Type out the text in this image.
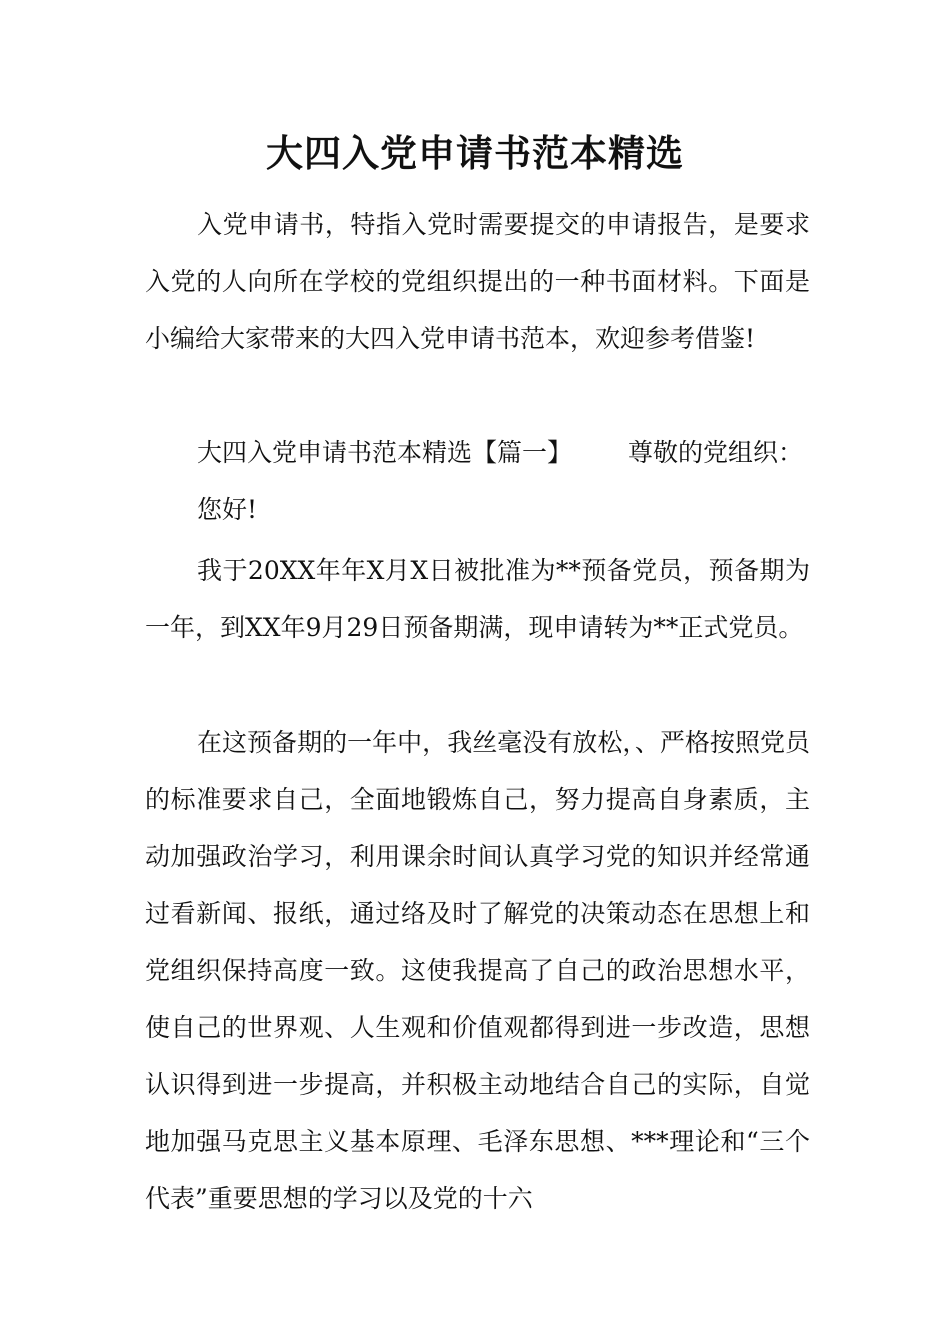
大四入党申请书范本精选

入党申请书，特指入党时需要提交的申请报告，是要求入党的人向所在学校的党组织提出的一种书面材料。下面是小编给大家带来的大四入党申请书范本，欢迎参考借鉴!

大四入党申请书范本精选【篇一】 尊敬的党组织：

您好!

我于20XX年年X月X日被批准为**预备党员，预备期为一年，到XX年9月29日预备期满，现申请转为**正式党员。

在这预备期的一年中，我丝毫没有放松，、严格按照党员的标准要求自己，全面地锻炼自己，努力提高自身素质，主动加强政治学习，利用课余时间认真学习党的知识并经常通过看新闻、报纸，通过络及时了解党的决策动态在思想上和党组织保持高度一致。这使我提高了自己的政治思想水平，使自己的世界观、人生观和价值观都得到进一步改造，思想认识得到进一步提高，并积极主动地结合自己的实际，自觉地加强马克思主义基本原理、毛泽东思想、***理论和“三个代表”重要思想的学习以及党的十六
